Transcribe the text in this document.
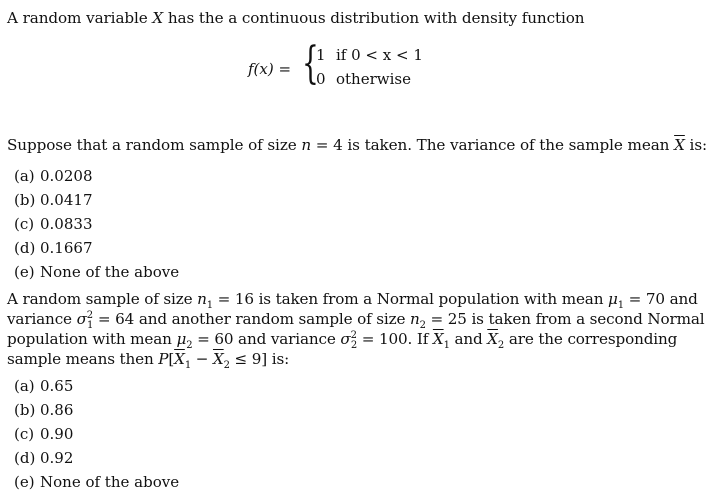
A random variable X has the a continuous distribution with density function
f(x) = {
1 if 0 < x < 1
0 otherwise
Suppose that a random sample of size n = 4 is taken. The variance of the sample mean $\overline{X}$ is:
(a) 0.0208
(b) 0.0417
(c) 0.0833
(d) 0.1667
(e) None of the above
A random sample of size $n_1 = 16$ is taken from a Normal population with mean $\mu_1 = 70$ and
variance $\sigma^2_1 = 64$ and another random sample of size $n_2 = 25$ is taken from a second Normal
population with mean $\mu_2 = 60$ and variance $\sigma^2_2 = 100$. If $\overline{X}_1$ and $\overline{X}_2$ are the corresponding
sample means then $P[\overline{X}_1 - \overline{X}_2 \le 9]$ is:
(a) 0.65
(b) 0.86
(c) 0.90
(d) 0.92
(e) None of the above
